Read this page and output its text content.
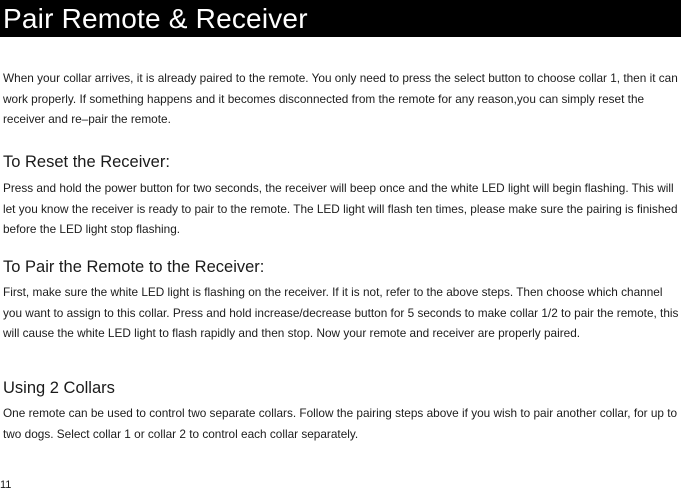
Pair Remote & Receiver

When your collar arrives, it is already paired to the remote. You only need to press the select button to choose collar 1, then it can work properly. If something happens and it becomes disconnected from the remote for any reason,you can simply reset the receiver and re–pair the remote.

To Reset the Receiver:

Press and hold the power button for two seconds, the receiver will beep once and the white LED light will begin flashing. This will let you know the receiver is ready to pair to the remote. The LED light will flash ten times, please make sure the pairing is finished before the LED light stop flashing.

To Pair the Remote to the Receiver:

First, make sure the white LED light is flashing on the receiver. If it is not, refer to the above steps. Then choose which channel you want to assign to this collar. Press and hold increase/decrease button for 5 seconds to make collar 1/2 to pair the remote, this will cause the white LED light to flash rapidly and then stop. Now your remote and receiver are properly paired.

Using 2 Collars

One remote can be used to control two separate collars. Follow the pairing steps above if you wish to pair another collar, for up to two dogs. Select collar 1 or collar 2 to control each collar separately.

11
